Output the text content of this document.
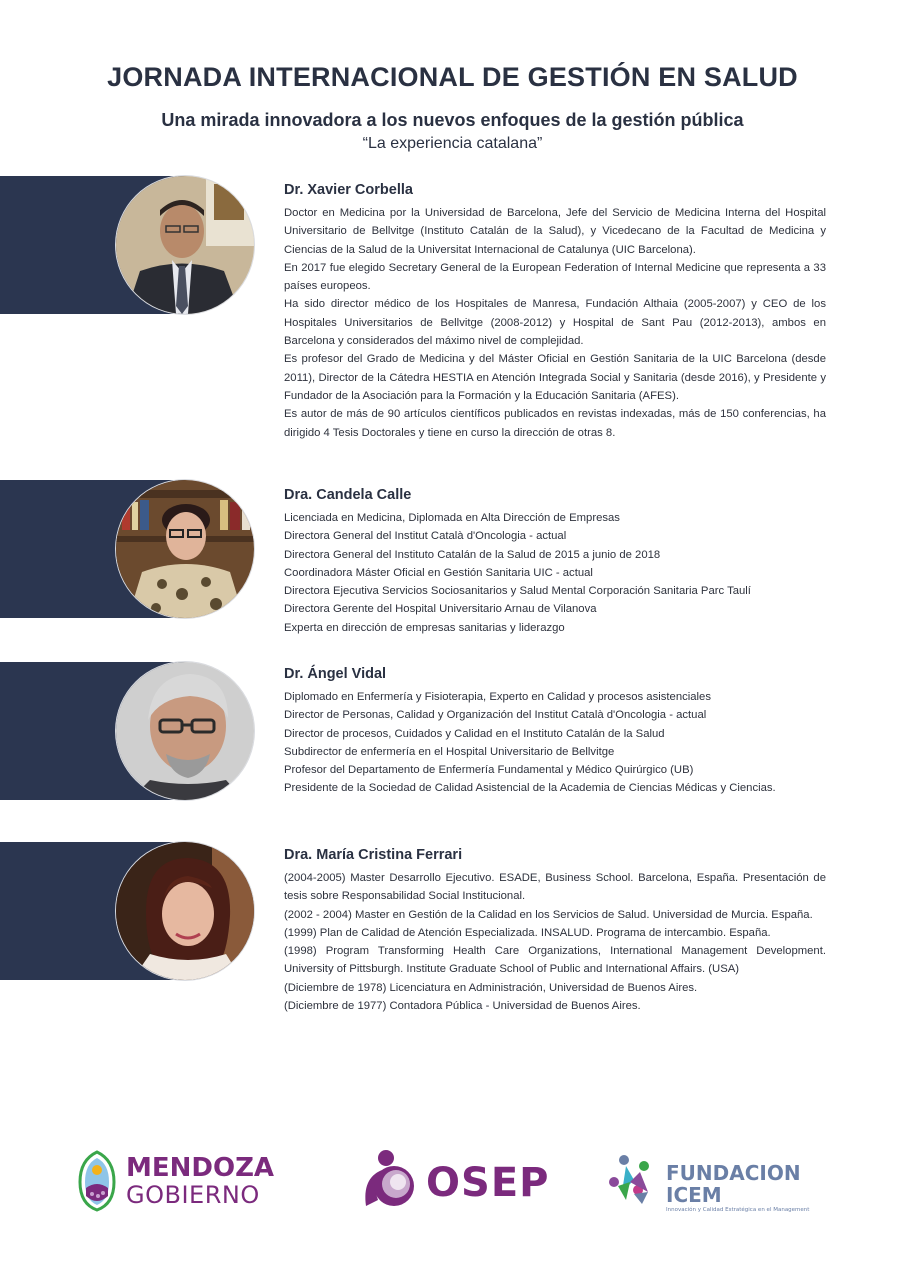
JORNADA INTERNACIONAL DE GESTIÓN EN SALUD
Una mirada innovadora a los nuevos enfoques de la gestión pública
“La experiencia catalana”
Dr. Xavier Corbella

Doctor en Medicina por la Universidad de Barcelona, Jefe del Servicio de Medicina Interna del Hospital Universitario de Bellvitge (Instituto Catalán de la Salud), y Vicedecano de la Facultad de Medicina y Ciencias de la Salud de la Universitat Internacional de Catalunya (UIC Barcelona).

En 2017 fue elegido Secretary General de la European Federation of Internal Medicine que representa a 33 países europeos.

Ha sido director médico de los Hospitales de Manresa, Fundación Althaia (2005-2007) y CEO de los Hospitales Universitarios de Bellvitge (2008-2012) y Hospital de Sant Pau (2012-2013), ambos en Barcelona y considerados del máximo nivel de complejidad.

Es profesor del Grado de Medicina y del Máster Oficial en Gestión Sanitaria de la UIC Barcelona (desde 2011), Director de la Cátedra HESTIA en Atención Integrada Social y Sanitaria (desde 2016), y Presidente y Fundador de la Asociación para la Formación y la Educación Sanitaria (AFES).

Es autor de más de 90 artículos científicos publicados en revistas indexadas, más de 150 conferencias, ha dirigido 4 Tesis Doctorales y tiene en curso la dirección de otras 8.

Dra. Candela Calle
Licenciada en Medicina, Diplomada en Alta Dirección de Empresas
Directora General del Institut Català d'Oncologia - actual
Directora General del Instituto Catalán de la Salud de 2015 a junio de 2018
Coordinadora Máster Oficial en Gestión Sanitaria UIC - actual
Directora Ejecutiva Servicios Sociosanitarios y Salud Mental Corporación Sanitaria Parc Taulí
Directora Gerente del Hospital Universitario Arnau de Vilanova
Experta en dirección de empresas sanitarias y liderazgo
Dr. Ángel Vidal
Diplomado en Enfermería y Fisioterapia, Experto en Calidad y procesos asistenciales
Director de Personas, Calidad y Organización del Institut Català d'Oncologia - actual
Director de procesos, Cuidados y Calidad en el Instituto Catalán de la Salud
Subdirector de enfermería en el Hospital Universitario de Bellvitge
Profesor del Departamento de Enfermería Fundamental y Médico Quirúrgico (UB)
Presidente de la Sociedad de Calidad Asistencial de la Academia de Ciencias Médicas y Ciencias.
Dra. María Cristina Ferrari

(2004-2005) Master Desarrollo Ejecutivo. ESADE, Business School. Barcelona, España. Presentación de tesis sobre Responsabilidad Social Institucional.

(2002 - 2004) Master en Gestión de la Calidad en los Servicios de Salud. Universidad de Murcia. España.

(1999) Plan de Calidad de Atención Especializada. INSALUD. Programa de intercambio. España.

(1998) Program Transforming Health Care Organizations, International Management Development. University of Pittsburgh. Institute Graduate School of Public and International Affairs. (USA)

(Diciembre de 1978) Licenciatura en Administración, Universidad de Buenos Aires.

(Diciembre de 1977) Contadora Pública - Universidad de Buenos Aires.

MENDOZA
GOBIERNO	OSEP	FUNDACION ICEM
Innovación y Calidad Estratégica en el Management
